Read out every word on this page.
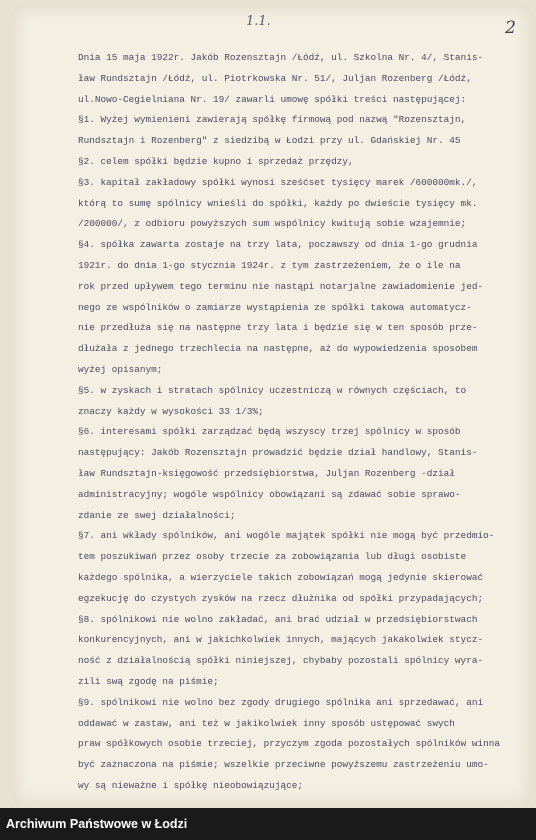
1.1.	2
Dnia 15 maja 1922r. Jakób Rozensztajn /Łódź, ul. Szkolna Nr. 4/, Stanis-
ław Rundsztajn /Łódź, ul. Piotrkowska Nr. 51/, Juljan Rozenberg /Łódź,
ul.Nowo-Cegielniana Nr. 19/ zawarli umowę spółki treści następującej:
§1. Wyżej wymienieni zawierają spółkę firmową pod nazwą "Rozensztajn,
Rundsztajn i Rozenberg" z siedzibą w Łodzi przy ul. Gdańskiej Nr. 45
§2. celem spółki będzie kupno i sprzedaż przędzy,
§3. kapitał zakładowy spółki wynosi sześćset tysięcy marek /600000mk./,
którą to sumę spólnicy wnieśli do spółki, każdy po dwieście tysięcy mk.
/200000/, z odbioru powyższych sum wspólnicy kwitują sobie wzajemnie;
§4. spółka zawarta zostaje na trzy lata, poczawszy od dnia 1-go grudnia
1921r. do dnia 1-go stycznia 1924r. z tym zastrzeżeniem, że o ile na
rok przed upływem tego terminu nie nastąpi notarjalne zawiadomienie jed-
nego ze wspólników o zamiarze wystąpienia ze spółki takowa automatycz-
nie przedłuża się na następne trzy lata i będzie się w ten sposób prze-
dłużała z jednego trzechlecia na następne, aż do wypowiedzenia sposobem
wyżej opisanym;
§5. w zyskach i stratach spólnicy uczestniczą w równych częściach, to
znaczy każdy w wysokości 33 1/3%;
§6. interesami spółki zarządzać będą wszyscy trzej spólnicy w sposób
następujący: Jakób Rozensztajn prowadzić będzie dział handlowy, Stanis-
ław Rundsztajn-księgowość przedsiębiorstwa, Juljan Rozenberg -dział
administracyjny; wogóle wspólnicy obowiązani są zdawać sobie sprawo-
zdanie ze swej działalności;
§7. ani wkłady spólników, ani wogóle majątek spółki nie mogą być przedmio-
tem poszukiwań przez osoby trzecie za zobowiązania lub długi osobiste
każdego spólnika, a wierzyciele takich zobowiązań mogą jedynie skierować
egzekucję do czystych zysków na rzecz dłużnika od spółki przypadających;
§8. spólnikowi nie wolno zakładać, ani brać udział w przedsiębiorstwach
konkurencyjnych, ani w jakichkolwiek innych, mających jakakolwiek stycz-
ność z działalnością spółki niniejszej, chybaby pozostali spólnicy wyra-
zili swą zgodę na piśmie;
§9. spólnikowi nie wolno bez zgody drugiego spólnika ani sprzedawać, ani
oddawać w zastaw, ani też w jakikolwiek inny sposób ustępować swych
praw spółkowych osobie trzeciej, przyczym zgoda pozostałych spólników winna
być zaznaczona na piśmie; wszelkie przeciwne powyższemu zastrzeżeniu umo-
wy są nieważne i spółkę nieobowiązujące;
Archiwum Państwowe w Łodzi
